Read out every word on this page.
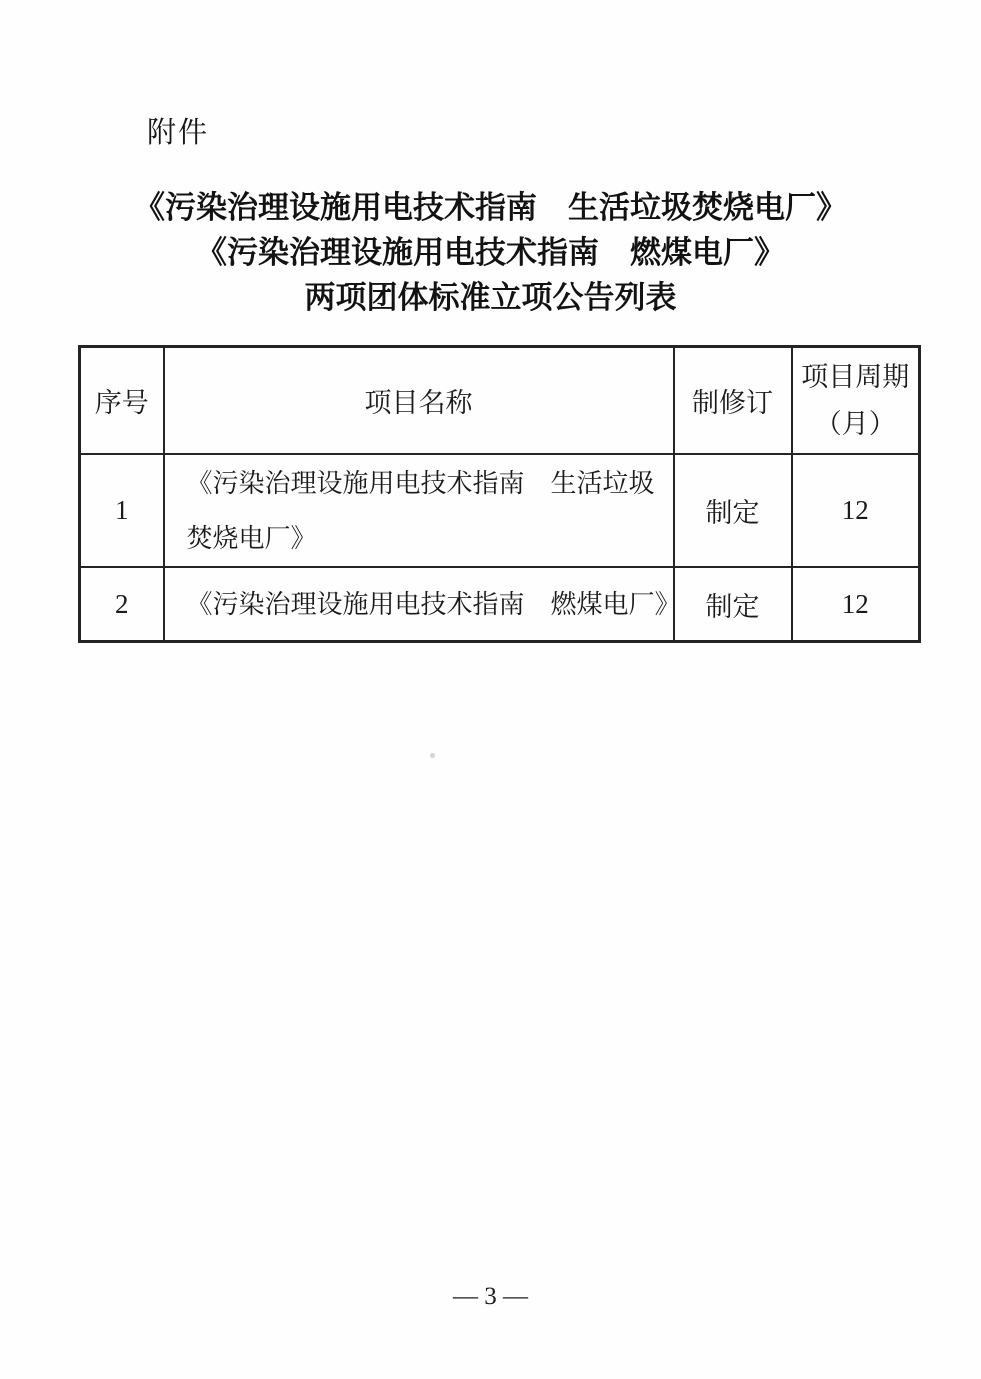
附件
《污染治理设施用电技术指南　生活垃圾焚烧电厂》
《污染治理设施用电技术指南　燃煤电厂》
两项团体标准立项公告列表
序号	项目名称	制修订	项目周期（月）
1	《污染治理设施用电技术指南　生活垃圾焚烧电厂》	制定	12
2	《污染治理设施用电技术指南　燃煤电厂》	制定	12
— 3 —
